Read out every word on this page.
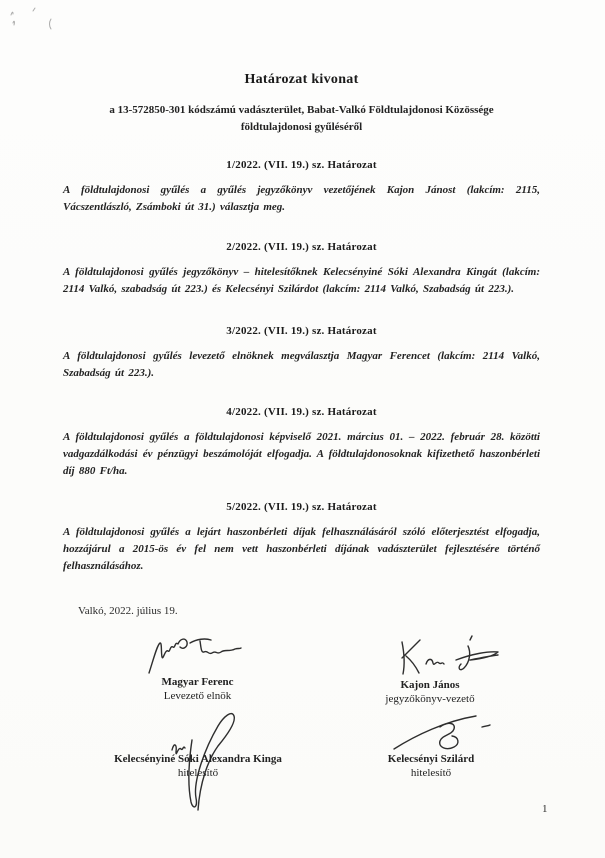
Határozat kivonat
a 13-572850-301 kódszámú vadászterület, Babat-Valkó Földtulajdonosi Közössége
földtulajdonosi gyűléséről
1/2022. (VII. 19.) sz. Határozat

A földtulajdonosi gyűlés a gyűlés jegyzőkönyv vezetőjének Kajon Jánost (lakcím: 2115, Vácszentlászló, Zsámboki út 31.) választja meg.

2/2022. (VII. 19.) sz. Határozat

A földtulajdonosi gyűlés jegyzőkönyv – hitelesítőknek Kelecsényiné Sóki Alexandra Kingát (lakcím: 2114 Valkó, szabadság út 223.) és Kelecsényi Szilárdot (lakcím: 2114 Valkó, Szabadság út 223.).

3/2022. (VII. 19.) sz. Határozat

A földtulajdonosi gyűlés levezető elnöknek megválasztja Magyar Ferencet (lakcím: 2114 Valkó, Szabadság út 223.).

4/2022. (VII. 19.) sz. Határozat

A földtulajdonosi gyűlés a földtulajdonosi képviselő 2021. március 01. – 2022. február 28. közötti vadgazdálkodási év pénzügyi beszámolóját elfogadja. A földtulajdonosoknak kifizethető haszonbérleti díj 880 Ft/ha.

5/2022. (VII. 19.) sz. Határozat

A földtulajdonosi gyűlés a lejárt haszonbérleti díjak felhasználásáról szóló előterjesztést elfogadja, hozzájárul a 2015-ös év fel nem vett haszonbérleti díjának vadászterület fejlesztésére történő felhasználásához.

Valkó, 2022. július 19.

Magyar Ferenc
Levezető elnök
Kajon János
jegyzőkönyv-vezető
Kelecsényiné Sóki Alexandra Kinga
hitelesítő
Kelecsényi Szilárd
hitelesítő
1
